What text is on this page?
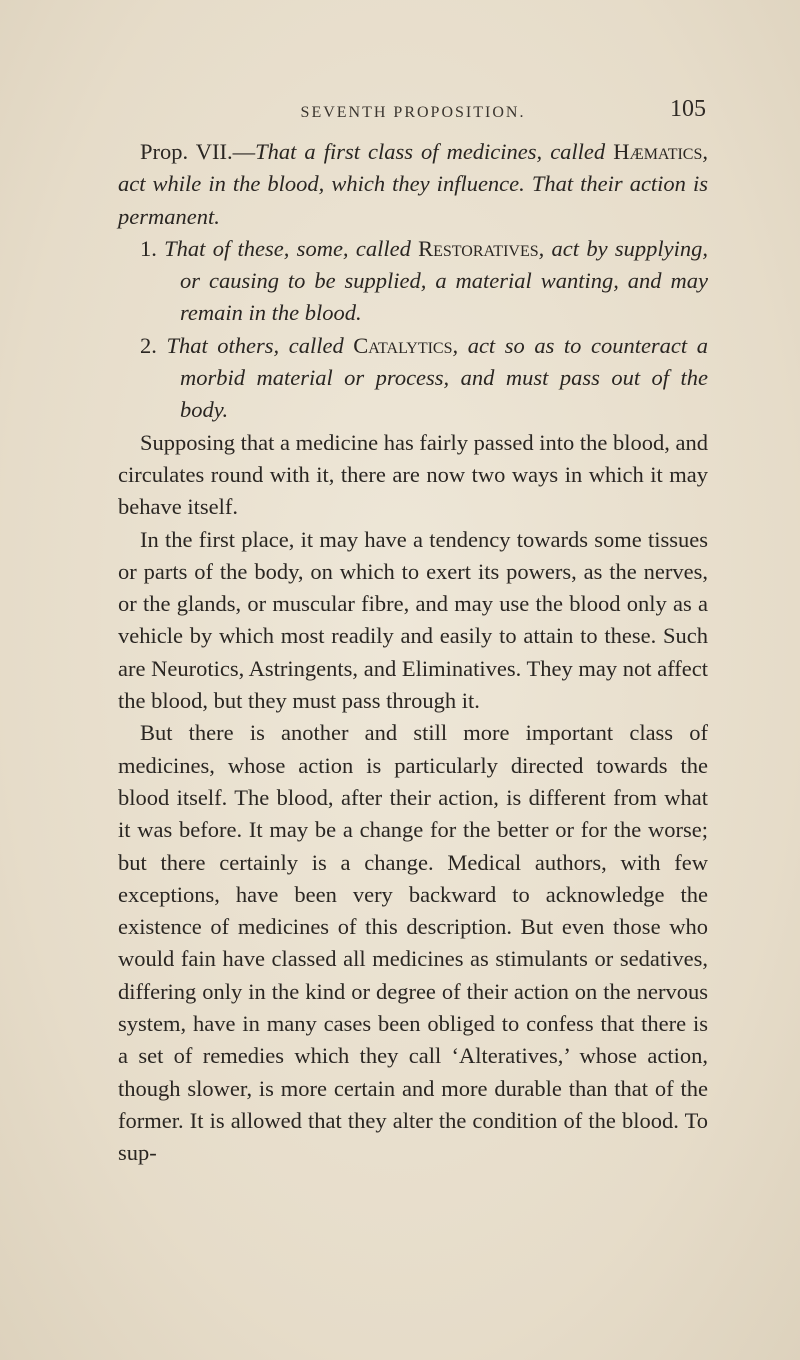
SEVENTH PROPOSITION.	105

Prop. VII.—That a first class of medicines, called Hæmatics, act while in the blood, which they influence. That their action is permanent.

1. That of these, some, called Restoratives, act by supplying, or causing to be supplied, a material wanting, and may remain in the blood.

2. That others, called Catalytics, act so as to counteract a morbid material or process, and must pass out of the body.

Supposing that a medicine has fairly passed into the blood, and circulates round with it, there are now two ways in which it may behave itself.

In the first place, it may have a tendency towards some tissues or parts of the body, on which to exert its powers, as the nerves, or the glands, or muscular fibre, and may use the blood only as a vehicle by which most readily and easily to attain to these. Such are Neurotics, Astringents, and Eliminatives. They may not affect the blood, but they must pass through it.

But there is another and still more important class of medicines, whose action is particularly directed towards the blood itself. The blood, after their action, is different from what it was before. It may be a change for the better or for the worse; but there certainly is a change. Medical authors, with few exceptions, have been very backward to acknowledge the existence of medicines of this description. But even those who would fain have classed all medicines as stimulants or sedatives, differing only in the kind or degree of their action on the nervous system, have in many cases been obliged to confess that there is a set of remedies which they call ‘Alteratives,’ whose action, though slower, is more certain and more durable than that of the former. It is allowed that they alter the condition of the blood. To sup-
